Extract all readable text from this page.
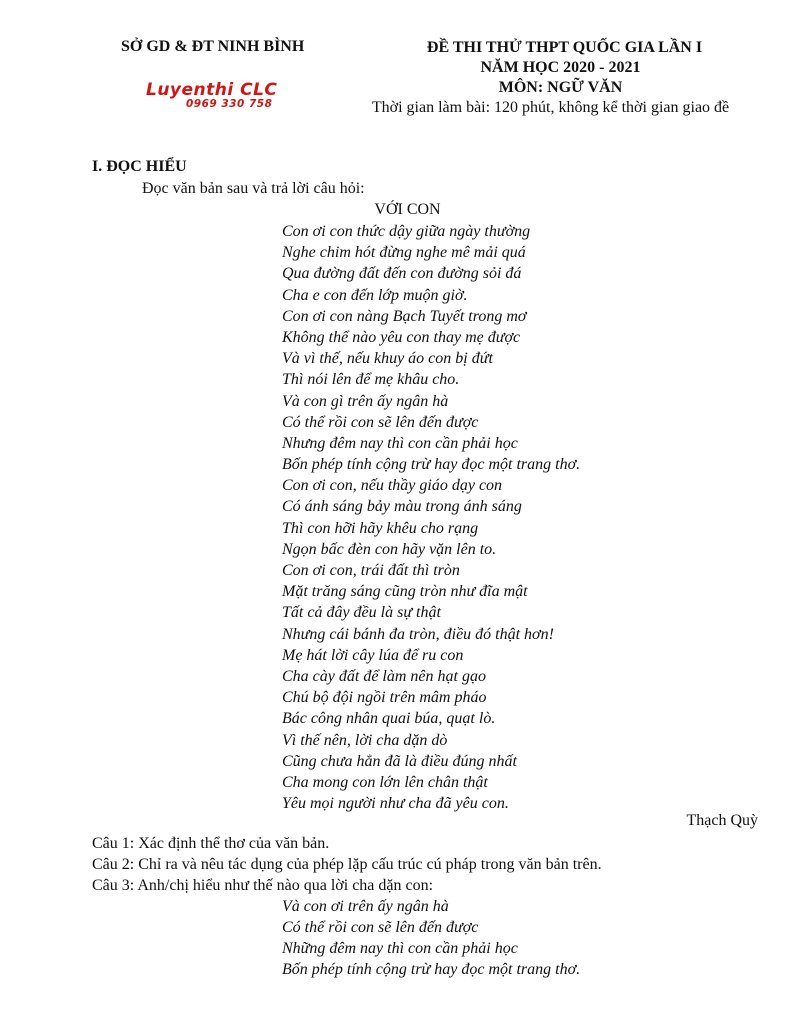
SỞ GD & ĐT NINH BÌNH	ĐỀ THI THỬ THPT QUỐC GIA LẦN I
NĂM HỌC 2020 - 2021
MÔN: NGỮ VĂN
Thời gian làm bài: 120 phút, không kể thời gian giao đề
Luyenthi CLC
0969 330 758
I. ĐỌC HIỂU
Đọc văn bản sau và trả lời câu hỏi:
VỚI CON
Con ơi con thức dậy giữa ngày thường
Nghe chim hót đừng nghe mê mải quá
Qua đường đất đến con đường sỏi đá
Cha e con đến lớp muộn giờ.
Con ơi con nàng Bạch Tuyết trong mơ
Không thể nào yêu con thay mẹ được
Và vì thế, nếu khuy áo con bị đứt
Thì nói lên để mẹ khâu cho.
Và con gì trên ấy ngân hà
Có thể rồi con sẽ lên đến được
Nhưng đêm nay thì con cần phải học
Bốn phép tính cộng trừ hay đọc một trang thơ.
Con ơi con, nếu thầy giáo dạy con
Có ánh sáng bảy màu trong ánh sáng
Thì con hỡi hãy khêu cho rạng
Ngọn bấc đèn con hãy vặn lên to.
Con ơi con, trái đất thì tròn
Mặt trăng sáng cũng tròn như đĩa mật
Tất cả đây đều là sự thật
Nhưng cái bánh đa tròn, điều đó thật hơn!
Mẹ hát lời cây lúa để ru con
Cha cày đất để làm nên hạt gạo
Chú bộ đội ngồi trên mâm pháo
Bác công nhân quai búa, quạt lò.
Vì thế nên, lời cha dặn dò
Cũng chưa hẳn đã là điều đúng nhất
Cha mong con lớn lên chân thật
Yêu mọi người như cha đã yêu con.
Thạch Quỳ
Câu 1: Xác định thể thơ của văn bản.
Câu 2: Chỉ ra và nêu tác dụng của phép lặp cấu trúc cú pháp trong văn bản trên.
Câu 3: Anh/chị hiểu như thế nào qua lời cha dặn con:
Và con ơi trên ấy ngân hà
Có thể rồi con sẽ lên đến được
Những đêm nay thì con cần phải học
Bốn phép tính cộng trừ hay đọc một trang thơ.
